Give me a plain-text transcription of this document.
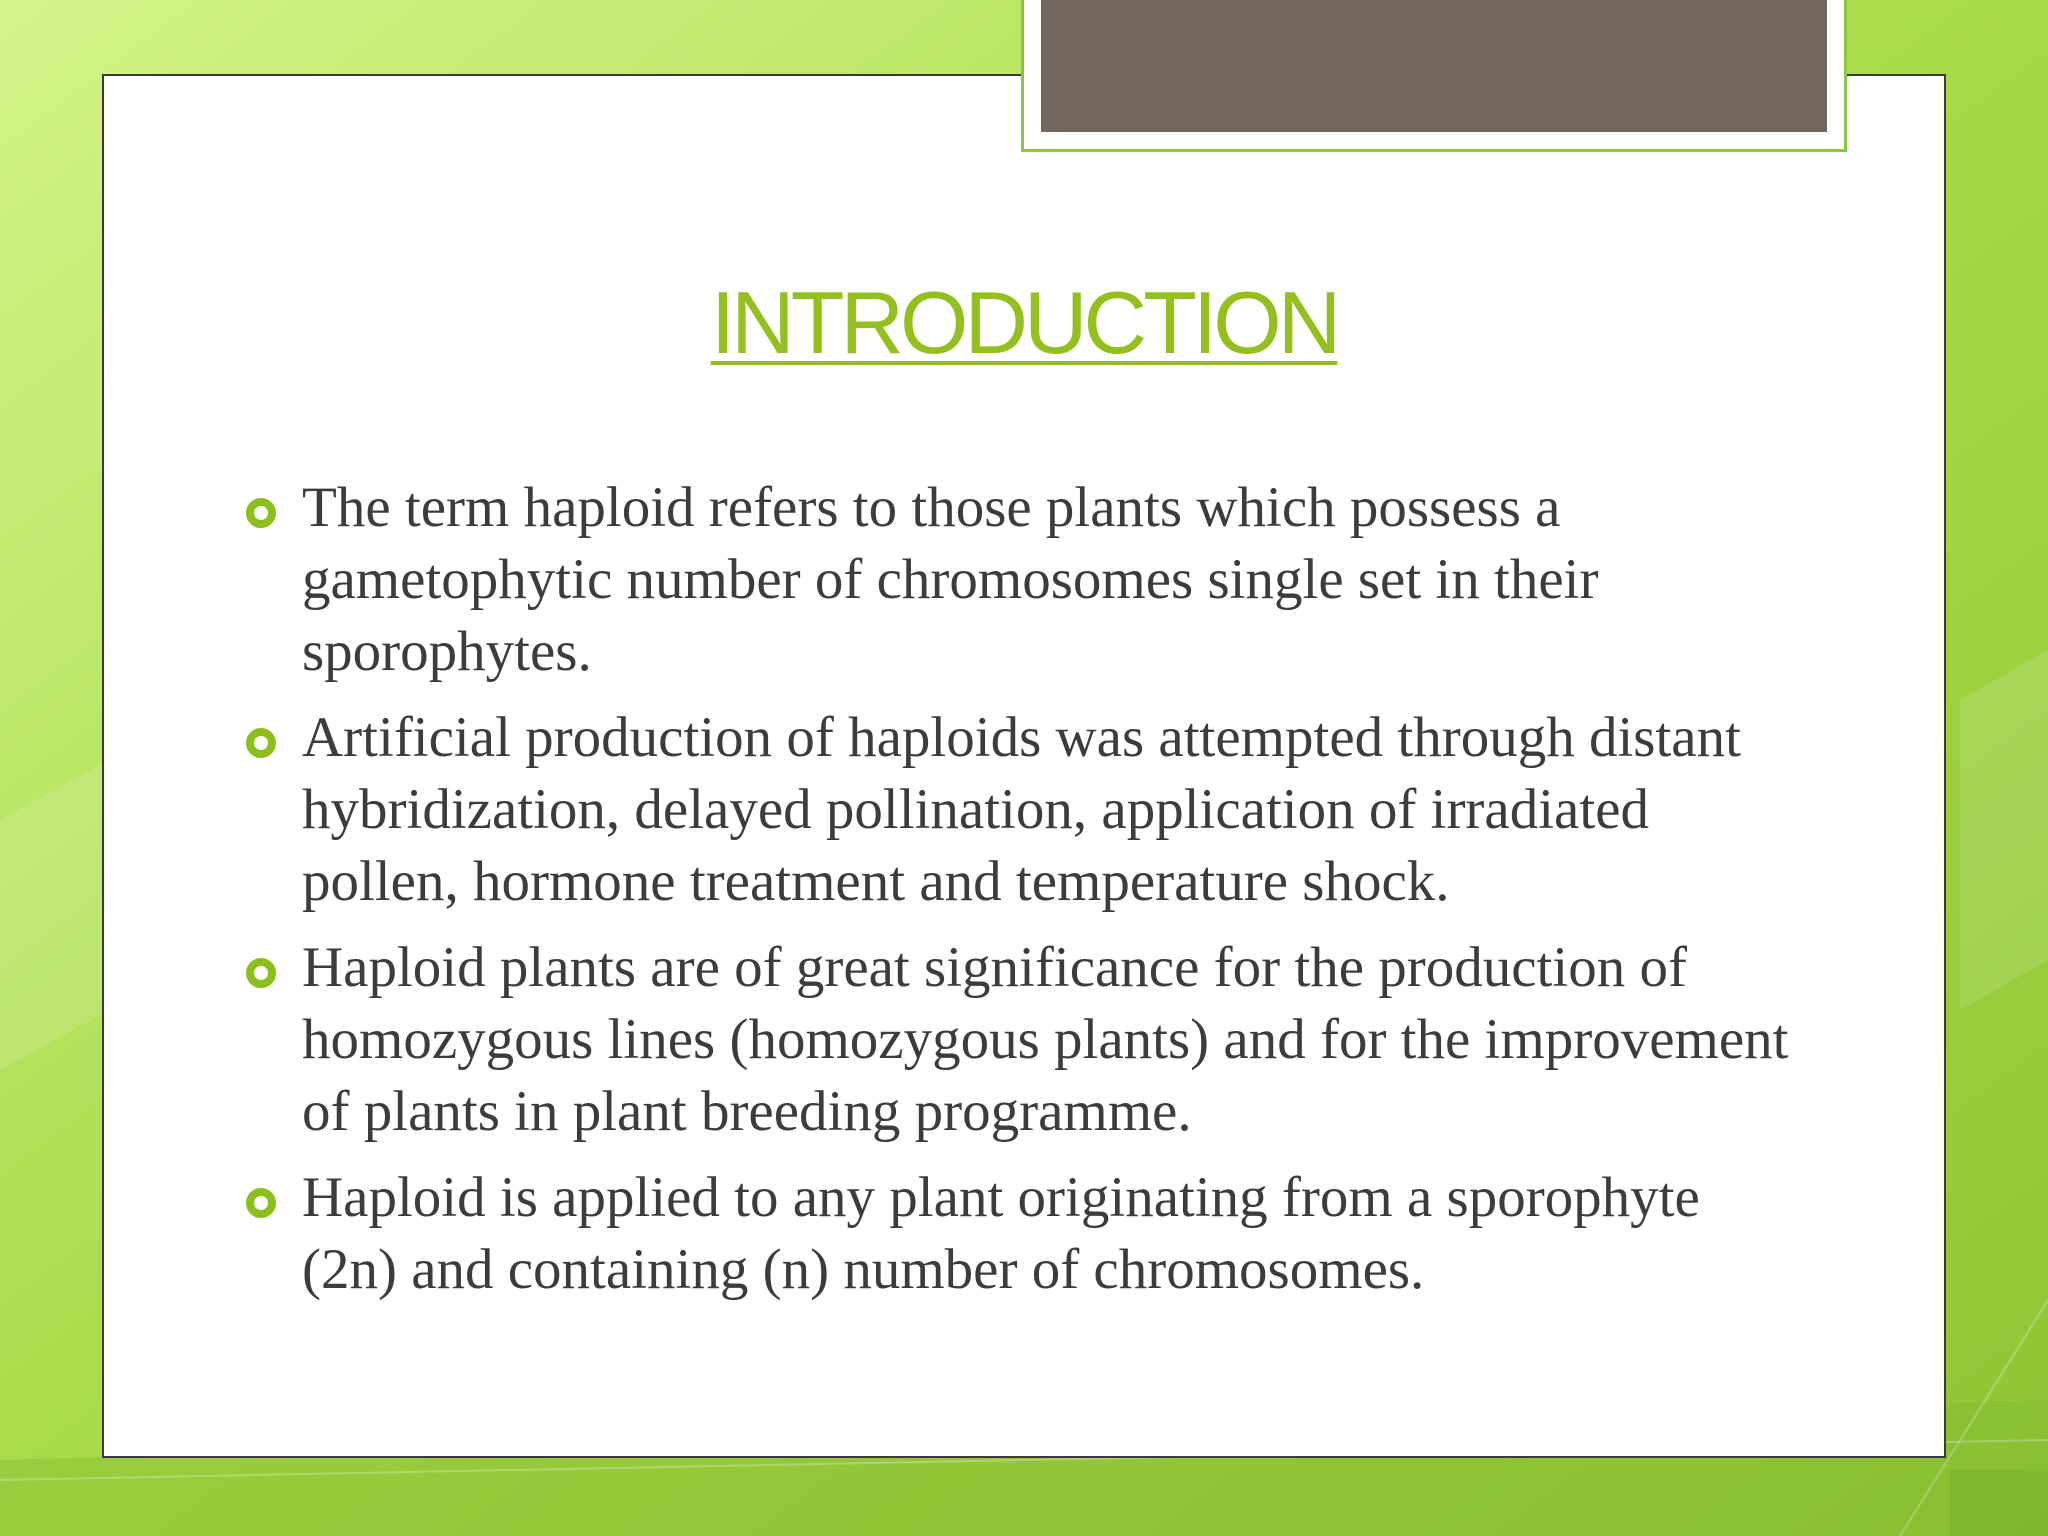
INTRODUCTION
The term haploid refers to those plants which possess a gametophytic number of chromosomes single set in their sporophytes.
Artificial production of haploids was attempted through distant hybridization, delayed pollination, application of irradiated pollen, hormone treatment and temperature shock.
Haploid plants are of great significance for the production of homozygous lines (homozygous plants) and for the improvement of plants in plant breeding programme.
Haploid is applied to any plant originating from a sporophyte (2n) and containing (n) number of chromosomes.
